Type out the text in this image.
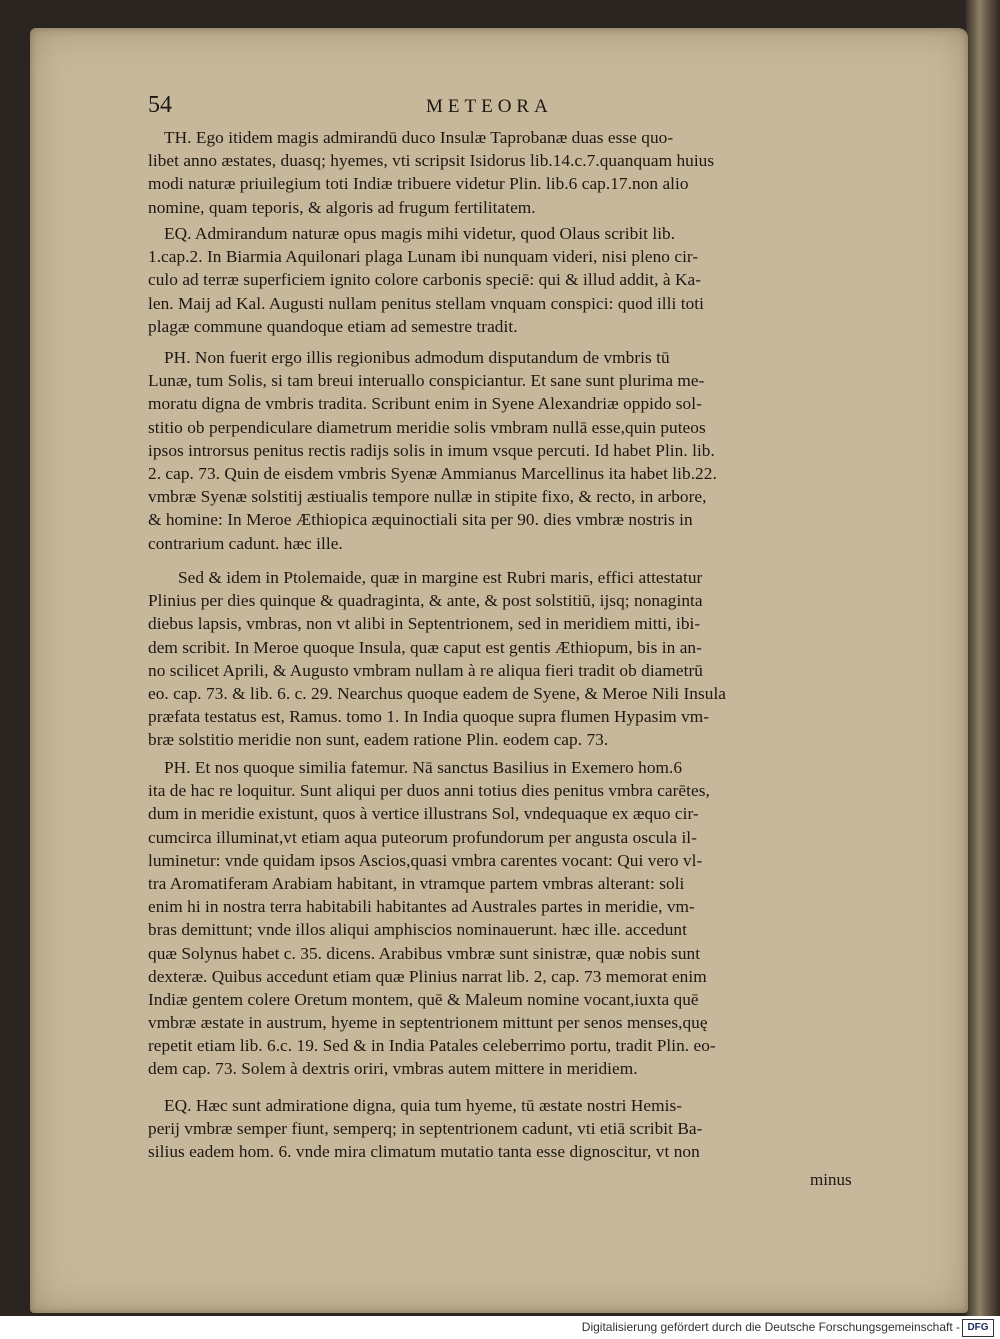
54	METEORA
TH. Ego itidem magis admirandū duco Insulæ Taprobanæ duas esse quo-
libet anno æstates, duasq; hyemes, vti scripsit Isidorus lib.14.c.7.quanquam huius
modi naturæ priuilegium toti Indiæ tribuere videtur Plin. lib.6 cap.17.non alio
nomine, quam teporis, & algoris ad frugum fertilitatem.
EQ. Admirandum naturæ opus magis mihi videtur, quod Olaus scribit lib.
1.cap.2. In Biarmia Aquilonari plaga Lunam ibi nunquam videri, nisi pleno cir-
culo ad terræ superficiem ignito colore carbonis speciē: qui & illud addit, à Ka-
len. Maij ad Kal. Augusti nullam penitus stellam vnquam conspici: quod illi toti
plagæ commune quandoque etiam ad semestre tradit.
PH. Non fuerit ergo illis regionibus admodum disputandum de vmbris tū
Lunæ, tum Solis, si tam breui interuallo conspiciantur. Et sane sunt plurima me-
moratu digna de vmbris tradita. Scribunt enim in Syene Alexandriæ oppido sol-
stitio ob perpendiculare diametrum meridie solis vmbram nullā esse,quin puteos
ipsos introrsus penitus rectis radijs solis in imum vsque percuti. Id habet Plin. lib.
2. cap. 73. Quin de eisdem vmbris Syenæ Ammianus Marcellinus ita habet lib.22.
vmbræ Syenæ solstitij æstiualis tempore nullæ in stipite fixo, & recto, in arbore,
& homine: In Meroe Æthiopica æquinoctiali sita per 90. dies vmbræ nostris in
contrarium cadunt. hæc ille.
Sed & idem in Ptolemaide, quæ in margine est Rubri maris, effici attestatur
Plinius per dies quinque & quadraginta, & ante, & post solstitiū, ijsq; nonaginta
diebus lapsis, vmbras, non vt alibi in Septentrionem, sed in meridiem mitti, ibi-
dem scribit. In Meroe quoque Insula, quæ caput est gentis Æthiopum, bis in an-
no scilicet Aprili, & Augusto vmbram nullam à re aliqua fieri tradit ob diametrū
eo. cap. 73. & lib. 6. c. 29. Nearchus quoque eadem de Syene, & Meroe Nili Insula
præfata testatus est, Ramus. tomo 1. In India quoque supra flumen Hypasim vm-
bræ solstitio meridie non sunt, eadem ratione Plin. eodem cap. 73.
PH. Et nos quoque similia fatemur. Nā sanctus Basilius in Exemero hom.6
ita de hac re loquitur. Sunt aliqui per duos anni totius dies penitus vmbra carētes,
dum in meridie existunt, quos à vertice illustrans Sol, vndequaque ex æquo cir-
cumcirca illuminat,vt etiam aqua puteorum profundorum per angusta oscula il-
luminetur: vnde quidam ipsos Ascios,quasi vmbra carentes vocant: Qui vero vl-
tra Aromatiferam Arabiam habitant, in vtramque partem vmbras alterant: soli
enim hi in nostra terra habitabili habitantes ad Australes partes in meridie, vm-
bras demittunt; vnde illos aliqui amphiscios nominauerunt. hæc ille. accedunt
quæ Solynus habet c. 35. dicens. Arabibus vmbræ sunt sinistræ, quæ nobis sunt
dexteræ. Quibus accedunt etiam quæ Plinius narrat lib. 2, cap. 73 memorat enim
Indiæ gentem colere Oretum montem, quē & Maleum nomine vocant,iuxta quē
vmbræ æstate in austrum, hyeme in septentrionem mittunt per senos menses,quę
repetit etiam lib. 6.c. 19. Sed & in India Patales celeberrimo portu, tradit Plin. eo-
dem cap. 73. Solem à dextris oriri, vmbras autem mittere in meridiem.
EQ. Hæc sunt admiratione digna, quia tum hyeme, tū æstate nostri Hemis-
perij vmbræ semper fiunt, semperq; in septentrionem cadunt, vti etiā scribit Ba-
silius eadem hom. 6. vnde mira climatum mutatio tanta esse dignoscitur, vt non
minus
Digitalisierung gefördert durch die Deutsche Forschungsgemeinschaft - DFG
